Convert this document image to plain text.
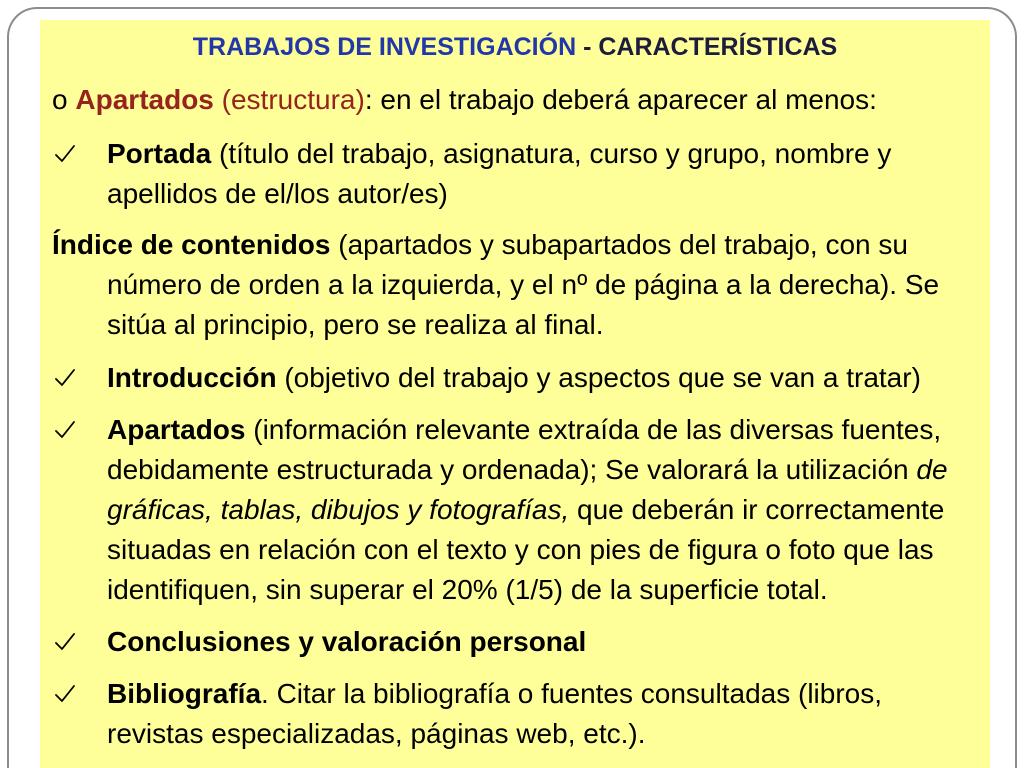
TRABAJOS DE INVESTIGACIÓN - CARACTERÍSTICAS
o Apartados (estructura): en el trabajo deberá aparecer al menos:
Portada (título del trabajo, asignatura, curso y grupo, nombre y
apellidos de el/los autor/es)
Índice de contenidos (apartados y subapartados del trabajo, con su
número de orden a la izquierda, y el nº de página a la derecha). Se
sitúa al principio, pero se realiza al final.
Introducción (objetivo del trabajo y aspectos que se van a tratar)
Apartados (información relevante extraída de las diversas fuentes,
debidamente estructurada y ordenada); Se valorará la utilización de
gráficas, tablas, dibujos y fotografías, que deberán ir correctamente
situadas en relación con el texto y con pies de figura o foto que las
identifiquen, sin superar el 20% (1/5) de la superficie total.
Conclusiones y valoración personal
Bibliografía. Citar la bibliografía o fuentes consultadas (libros,
revistas especializadas, páginas web, etc.).
